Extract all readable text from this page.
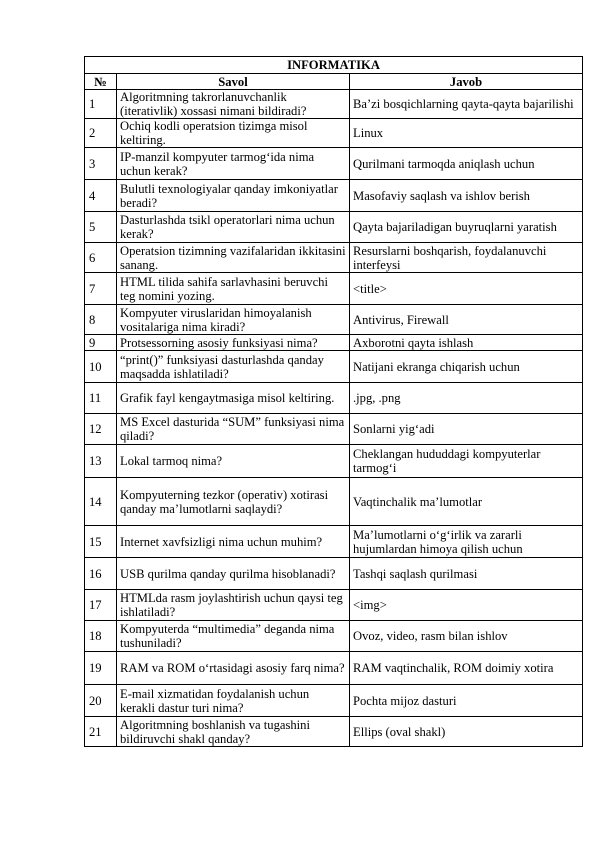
INFORMATIKA		
№	Savol	Javob
1	Algoritmning takrorlanuvchanlik (iterativlik) xossasi nimani bildiradi?	Ba’zi bosqichlarning qayta-qayta bajarilishi
2	Ochiq kodli operatsion tizimga misol keltiring.	Linux
3	IP-manzil kompyuter tarmog‘ida nima uchun kerak?	Qurilmani tarmoqda aniqlash uchun
4	Bulutli texnologiyalar qanday imkoniyatlar beradi?	Masofaviy saqlash va ishlov berish
5	Dasturlashda tsikl operatorlari nima uchun kerak?	Qayta bajariladigan buyruqlarni yaratish
6	Operatsion tizimning vazifalaridan ikkitasini sanang.	Resurslarni boshqarish, foydalanuvchi interfeysi
7	HTML tilida sahifa sarlavhasini beruvchi teg nomini yozing.	<title>
8	Kompyuter viruslaridan himoyalanish vositalariga nima kiradi?	Antivirus, Firewall
9	Protsessorning asosiy funksiyasi nima?	Axborotni qayta ishlash
10	“print()” funksiyasi dasturlashda qanday maqsadda ishlatiladi?	Natijani ekranga chiqarish uchun
11	Grafik fayl kengaytmasiga misol keltiring.	.jpg, .png
12	MS Excel dasturida “SUM” funksiyasi nima qiladi?	Sonlarni yig‘adi
13	Lokal tarmoq nima?	Cheklangan hududdagi kompyuterlar tarmog‘i
14	Kompyuterning tezkor (operativ) xotirasi qanday ma’lumotlarni saqlaydi?	Vaqtinchalik ma’lumotlar
15	Internet xavfsizligi nima uchun muhim?	Ma’lumotlarni o‘g‘irlik va zararli hujumlardan himoya qilish uchun
16	USB qurilma qanday qurilma hisoblanadi?	Tashqi saqlash qurilmasi
17	HTMLda rasm joylashtirish uchun qaysi teg ishlatiladi?	<img>
18	Kompyuterda “multimedia” deganda nima tushuniladi?	Ovoz, video, rasm bilan ishlov
19	RAM va ROM o‘rtasidagi asosiy farq nima?	RAM vaqtinchalik, ROM doimiy xotira
20	E-mail xizmatidan foydalanish uchun kerakli dastur turi nima?	Pochta mijoz dasturi
21	Algoritmning boshlanish va tugashini bildiruvchi shakl qanday?	Ellips (oval shakl)
